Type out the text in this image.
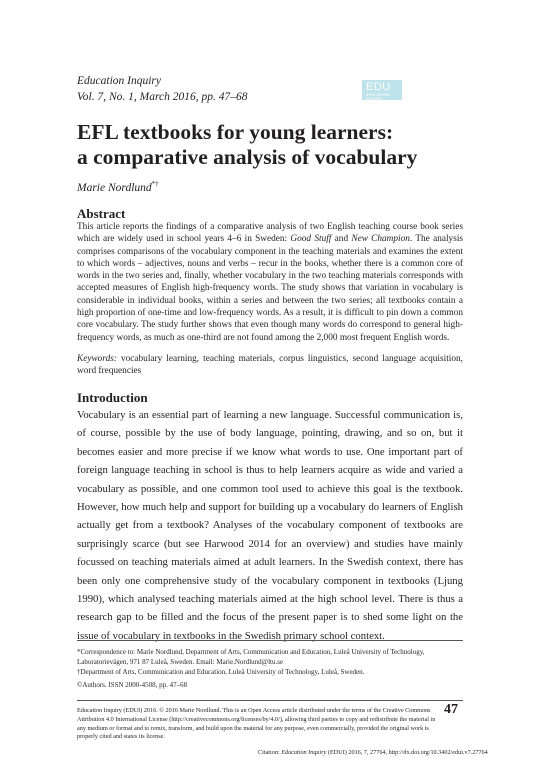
Education Inquiry
Vol. 7, No. 1, March 2016, pp. 47–68
EDU
EDUCATION INQUIRY
EFL textbooks for young learners:
a comparative analysis of vocabulary
Marie Nordlund*†
Abstract
This article reports the findings of a comparative analysis of two English teaching course book series which are widely used in school years 4–6 in Sweden: Good Stuff and New Champion. The analysis comprises comparisons of the vocabulary component in the teaching materials and examines the extent to which words – adjectives, nouns and verbs – recur in the books, whether there is a common core of words in the two series and, finally, whether vocabulary in the two teaching materials corresponds with accepted measures of English high-frequency words. The study shows that variation in vocabulary is considerable in individual books, within a series and between the two series; all textbooks contain a high proportion of one-time and low-frequency words. As a result, it is difficult to pin down a common core vocabulary. The study further shows that even though many words do correspond to general high-frequency words, as much as one-third are not found among the 2,000 most frequent English words.
Keywords: vocabulary learning, teaching materials, corpus linguistics, second language acquisition, word frequencies
Introduction
Vocabulary is an essential part of learning a new language. Successful communication is, of course, possible by the use of body language, pointing, drawing, and so on, but it becomes easier and more precise if we know what words to use. One important part of foreign language teaching in school is thus to help learners acquire as wide and varied a vocabulary as possible, and one common tool used to achieve this goal is the textbook. However, how much help and support for building up a vocabulary do learners of English actually get from a textbook? Analyses of the vocabulary component of textbooks are surprisingly scarce (but see Harwood 2014 for an overview) and studies have mainly focussed on teaching materials aimed at adult learners. In the Swedish context, there has been only one comprehensive study of the vocabulary component in textbooks (Ljung 1990), which analysed teaching materials aimed at the high school level. There is thus a research gap to be filled and the focus of the present paper is to shed some light on the issue of vocabulary in textbooks in the Swedish primary school context.

*Correspondence to: Marie Nordlund, Department of Arts, Communication and Education, Luleå University of Technology, Laboratorievägen, 971 87 Luleå, Sweden. Email: Marie.Nordlund@ltu.se

†Department of Arts, Communication and Education, Luleå University of Technology, Luleå, Sweden.

©Authors. ISSN 2000-4508, pp. 47–68

Education Inquiry (EDUI) 2016. © 2016 Marie Nordlund. This is an Open Access article distributed under the terms of the Creative Commons Attribution 4.0 International License (http://creativecommons.org/licenses/by/4.0/), allowing third parties to copy and redistribute the material in any medium or format and to remix, transform, and build upon the material for any purpose, even commercially, provided the original work is properly cited and states its license.

47
Citation: Education Inquiry (EDUI) 2016, 7, 27764, http://dx.doi.org/10.3402/edui.v7.27764
